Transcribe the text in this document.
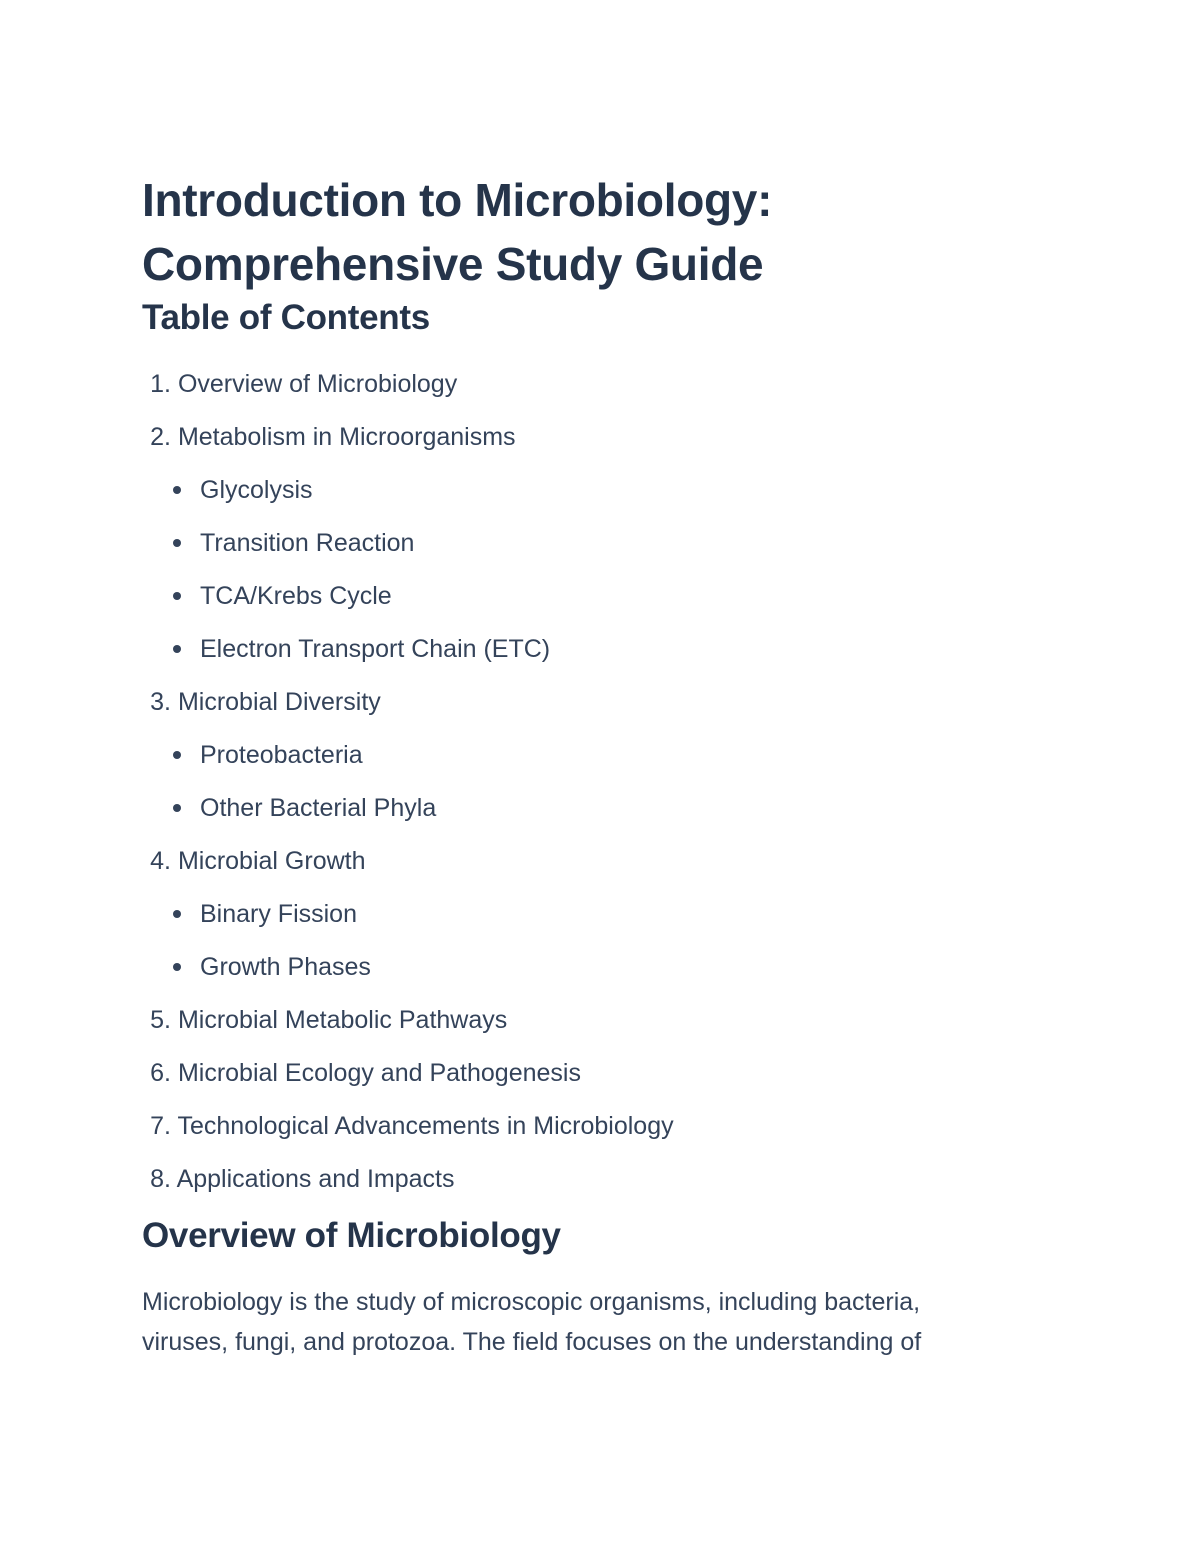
Introduction to Microbiology:
Comprehensive Study Guide
Table of Contents
1. Overview of Microbiology
2. Metabolism in Microorganisms
Glycolysis
Transition Reaction
TCA/Krebs Cycle
Electron Transport Chain (ETC)
3. Microbial Diversity
Proteobacteria
Other Bacterial Phyla
4. Microbial Growth
Binary Fission
Growth Phases
5. Microbial Metabolic Pathways
6. Microbial Ecology and Pathogenesis
7. Technological Advancements in Microbiology
8. Applications and Impacts
Overview of Microbiology

Microbiology is the study of microscopic organisms, including bacteria,
viruses, fungi, and protozoa. The field focuses on the understanding of
